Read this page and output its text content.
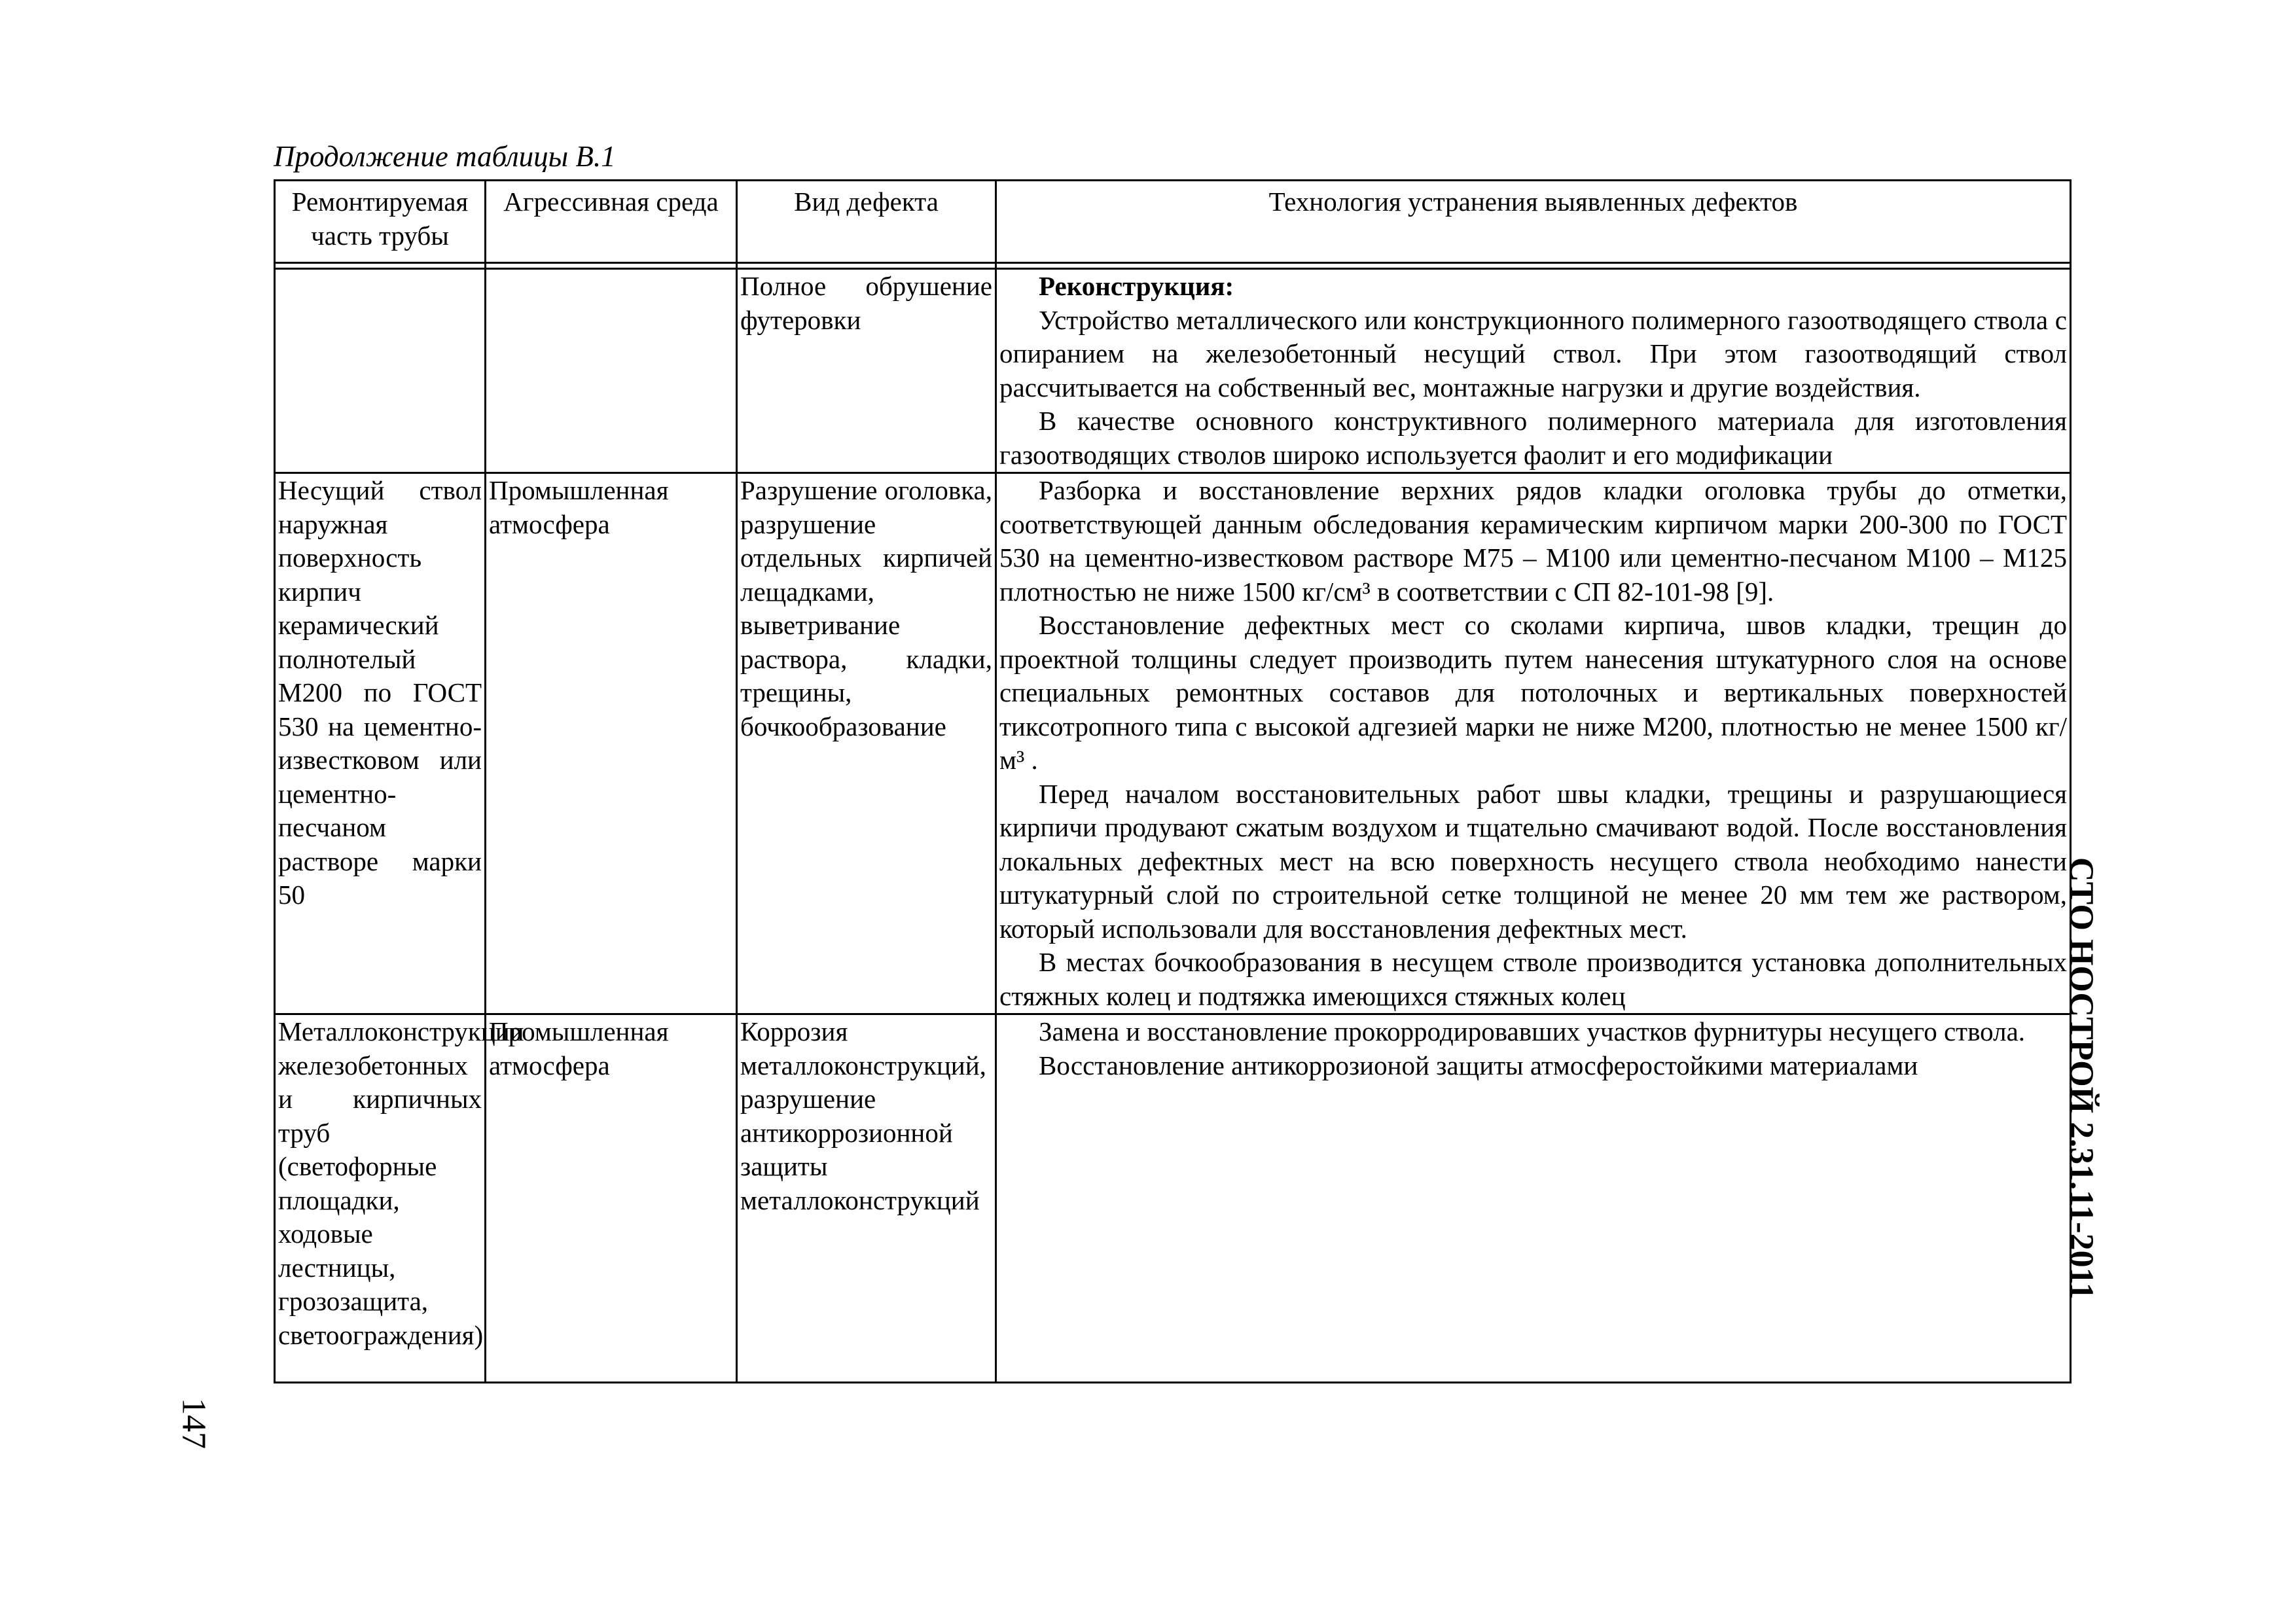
Продолжение таблицы В.1
Ремонтируемая часть трубы	Агрессивная среда	Вид дефекта	Технология устранения выявленных дефектов

		Полное обрушение футеровки	Реконструкция:

Устройство металлического или конструкционного полимерного газоотводящего ствола с опиранием на железобетонный несущий ствол. При этом газоотводящий ствол рассчитывается на собственный вес, монтажные нагрузки и другие воздействия.

В качестве основного конструктивного полимерного материала для изготовления газоотводящих стволов широко используется фаолит и его модификации

Несущий ствол наружная поверхность кирпич керамический полнотелый М200 по ГОСТ 530 на цементно-известковом или цементно-песчаном растворе марки 50	Промышленная атмосфера	Разрушение оголовка, разрушение отдельных кирпичей лещадками, выветривание раствора, кладки, трещины, бочкообразование	Разборка и восстановление верхних рядов кладки оголовка трубы до отметки, соответствующей данным обследования керамическим кирпичом марки 200-300 по ГОСТ 530 на цементно-известковом растворе М75 – М100 или цементно-песчаном М100 – М125 плотностью не ниже 1500 кг/см³ в соответствии с СП 82-101-98 [9].

Восстановление дефектных мест со сколами кирпича, швов кладки, трещин до проектной толщины следует производить путем нанесения штукатурного слоя на основе специальных ремонтных составов для потолочных и вертикальных поверхностей тиксотропного типа с высокой адгезией марки не ниже М200, плотностью не менее 1500 кг/м³ .

Перед началом восстановительных работ швы кладки, трещины и разрушающиеся кирпичи продувают сжатым воздухом и тщательно смачивают водой. После восстановления локальных дефектных мест на всю поверхность несущего ствола необходимо нанести штукатурный слой по строительной сетке толщиной не менее 20 мм тем же раствором, который использовали для восстановления дефектных мест.

В местах бочкообразования в несущем стволе производится установка дополнительных стяжных колец и подтяжка имеющихся стяжных колец

Металлоконструкции железобетонных и кирпичных труб (светофорные площадки, ходовые лестницы, грозозащита, светоограждения)	Промышленная атмосфера	Коррозия металлоконструкций, разрушение антикоррозионной защиты металлоконструкций	Замена и восстановление прокорродировавших участков фурнитуры несущего ствола.

Восстановление антикоррозионой защиты атмосферостойкими материалами	СТО НОСТРОЙ 2.31.11-2011
147
